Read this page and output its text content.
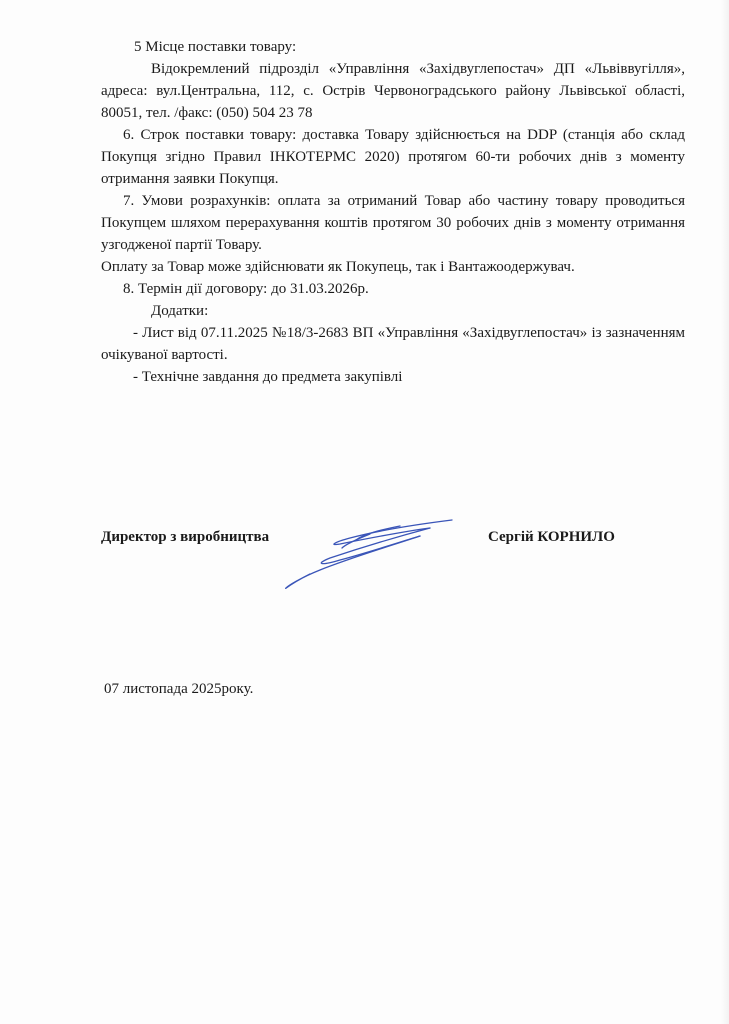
5 Місце поставки товару:

Відокремлений підрозділ «Управління «Західвуглепостач» ДП «Львіввугілля», адреса: вул.Центральна, 112, с. Острів Червоноградського району Львівської області, 80051, тел. /факс: (050) 504 23 78

6. Строк поставки товару: доставка Товару здійснюється на DDP (станція або склад Покупця згідно Правил ІНКОТЕРМС 2020) протягом 60-ти робочих днів з моменту отримання заявки Покупця.

7. Умови розрахунків: оплата за отриманий Товар або частину товару проводиться Покупцем шляхом перерахування коштів протягом 30 робочих днів з моменту отримання узгодженої партії Товару.

Оплату за Товар може здійснювати як Покупець, так і Вантажоодержувач.

8. Термін дії договору: до 31.03.2026р.

Додатки:

- Лист від 07.11.2025 №18/3-2683 ВП «Управління «Західвуглепостач» із зазначенням очікуваної вартості.

- Технічне завдання до предмета закупівлі

Директор з виробництва	Сергій КОРНИЛО
07 листопада 2025року.
